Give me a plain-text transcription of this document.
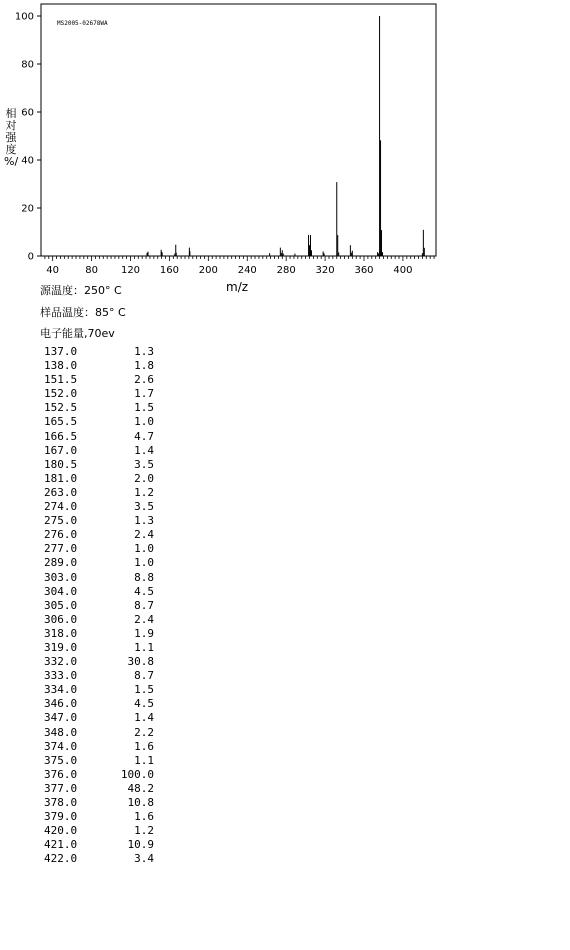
MS2005-02678WA
0
20
40
60
80
100
40	80 120 160 200 240 280 320 360 400
相
对
强
度
%/
m/z
源温度：250° C
样品温度：85° C
电子能量,70ev
137.0	1.3
138.0	1.8
151.5	2.6
152.0	1.7
152.5	1.5
165.5	1.0
166.5	4.7
167.0	1.4
180.5	3.5
181.0	2.0
263.0	1.2
274.0	3.5
275.0	1.3
276.0	2.4
277.0	1.0
289.0	1.0
303.0	8.8
304.0	4.5
305.0	8.7
306.0	2.4
318.0	1.9
319.0	1.1
332.0	30.8
333.0	8.7
334.0	1.5
346.0	4.5
347.0	1.4
348.0	2.2
374.0	1.6
375.0	1.1
376.0	100.0
377.0	48.2
378.0	10.8
379.0	1.6
420.0	1.2
421.0	10.9
422.0	3.4
